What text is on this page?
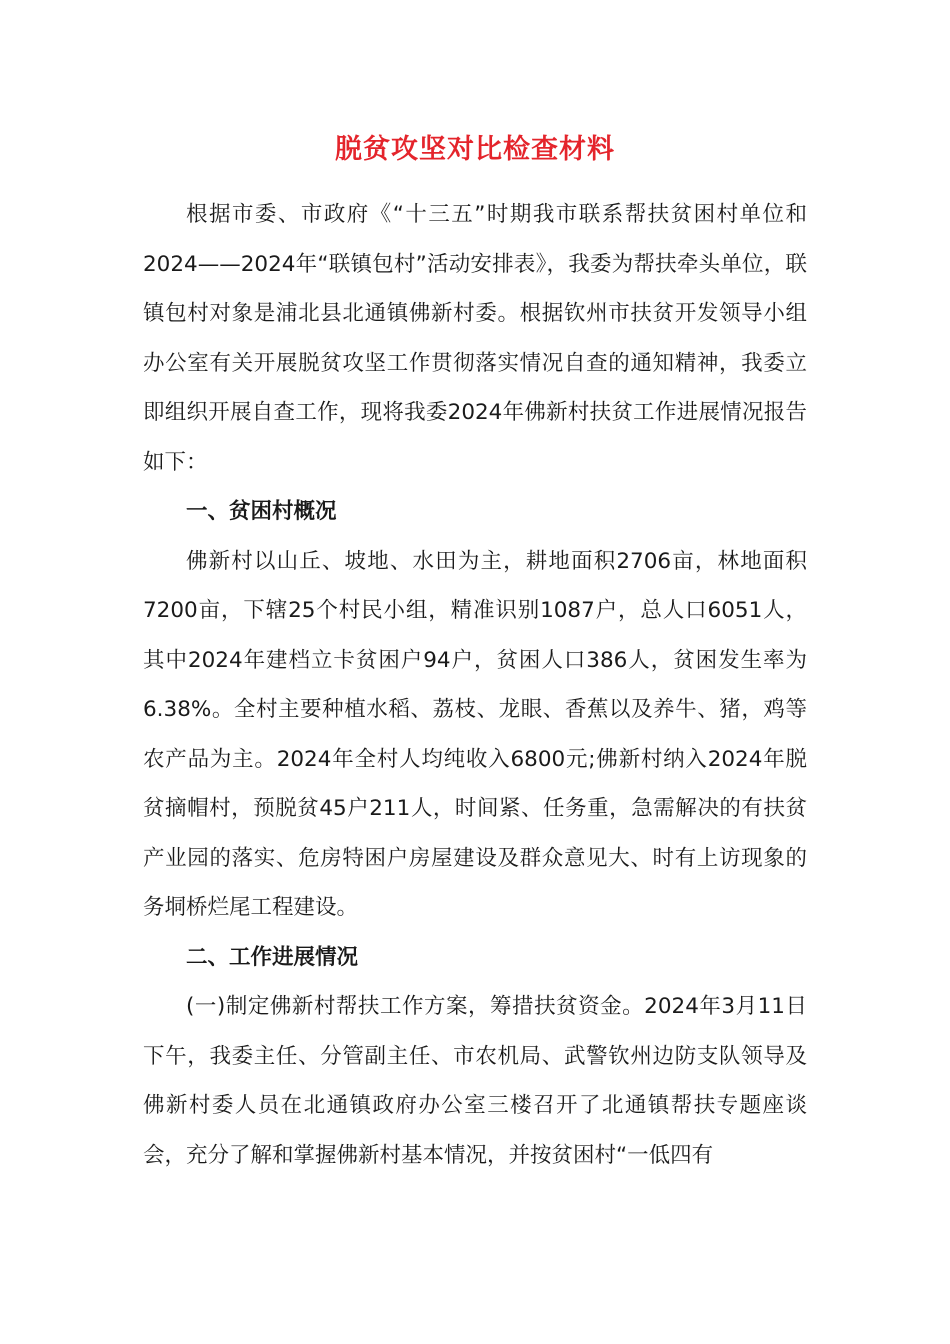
脱贫攻坚对比检查材料

根据市委、市政府《“十三五”时期我市联系帮扶贫困村单位和2024——2024年“联镇包村”活动安排表》，我委为帮扶牵头单位，联镇包村对象是浦北县北通镇佛新村委。根据钦州市扶贫开发领导小组办公室有关开展脱贫攻坚工作贯彻落实情况自查的通知精神，我委立即组织开展自查工作，现将我委2024年佛新村扶贫工作进展情况报告如下：

一、贫困村概况

佛新村以山丘、坡地、水田为主，耕地面积2706亩，林地面积7200亩，下辖25个村民小组，精准识别1087户，总人口6051人，其中2024年建档立卡贫困户94户，贫困人口386人，贫困发生率为6.38%。全村主要种植水稻、荔枝、龙眼、香蕉以及养牛、猪，鸡等农产品为主。2024年全村人均纯收入6800元;佛新村纳入2024年脱贫摘帽村，预脱贫45户211人，时间紧、任务重，急需解决的有扶贫产业园的落实、危房特困户房屋建设及群众意见大、时有上访现象的务垌桥烂尾工程建设。

二、工作进展情况

(一)制定佛新村帮扶工作方案，筹措扶贫资金。2024年3月11日下午，我委主任、分管副主任、市农机局、武警钦州边防支队领导及佛新村委人员在北通镇政府办公室三楼召开了北通镇帮扶专题座谈会，充分了解和掌握佛新村基本情况，并按贫困村“一低四有
